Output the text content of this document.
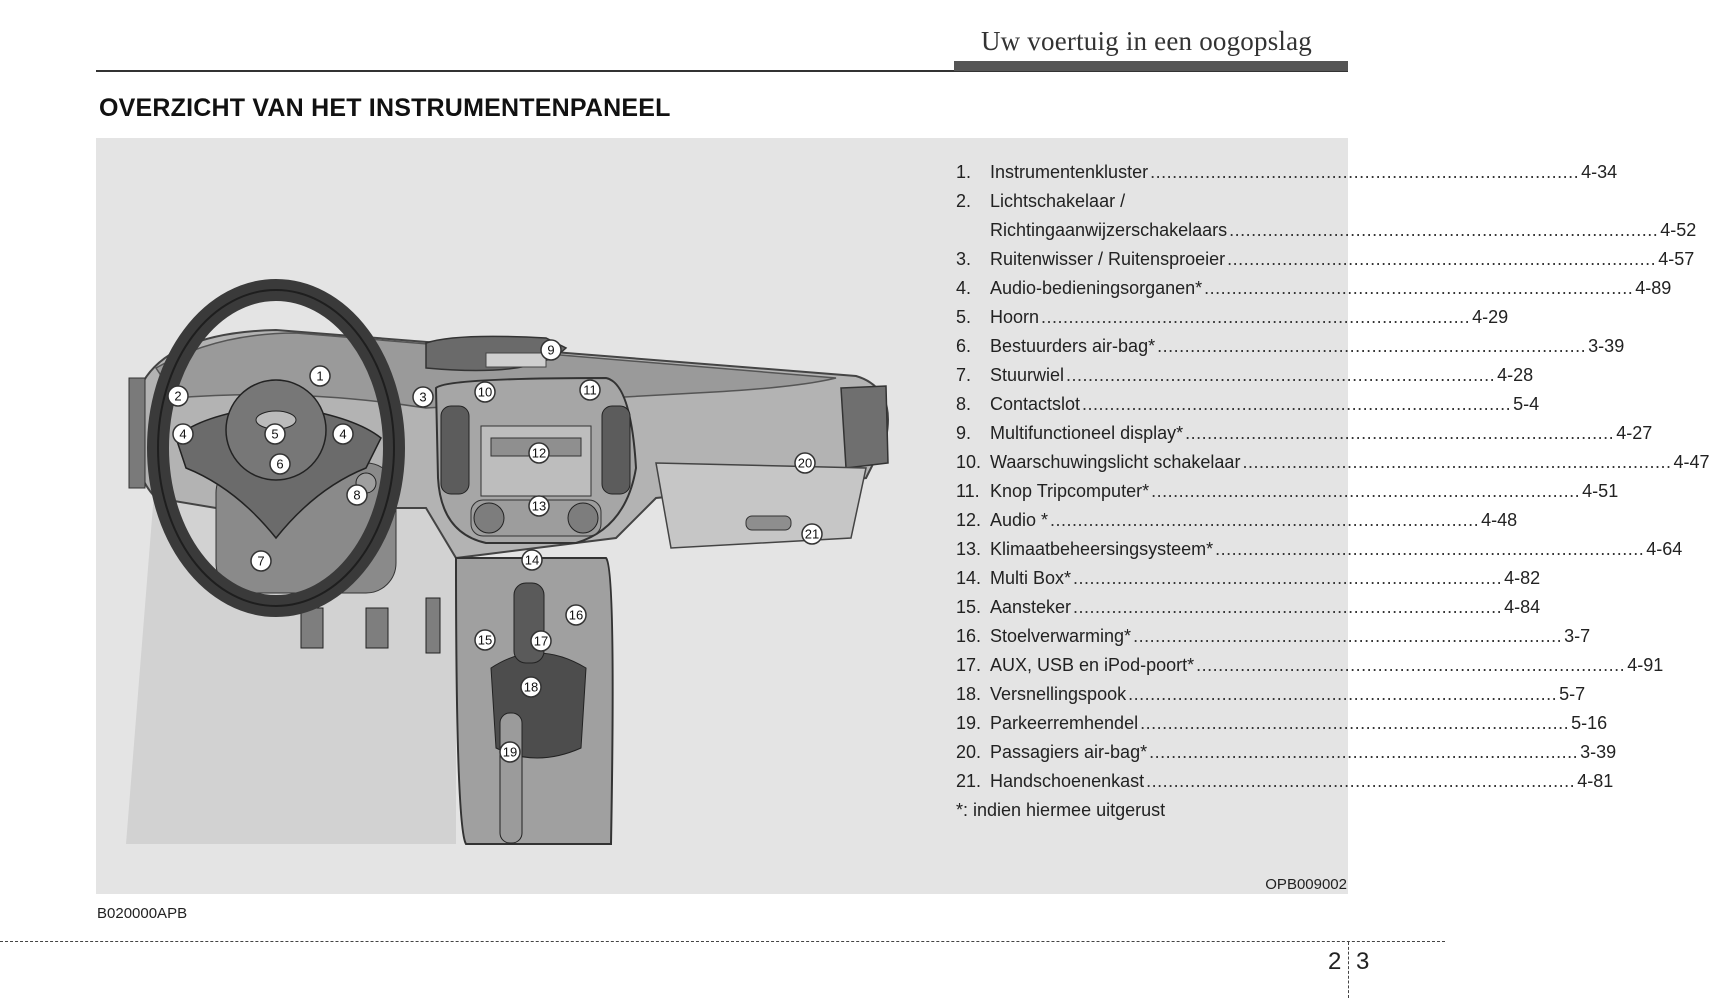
Uw voertuig in een oogopslag
OVERZICHT VAN HET INSTRUMENTENPANEEL
1
2	3
4	4
5
6
7
8
9
10	11
12
13
14
15
16
17
18
19
20
21
1.	Instrumentenkluster .............................................................................. 4-34
2.	Lichtschakelaar /
Richtingaanwijzerschakelaars .............................................................................. 4-52
3.	Ruitenwisser / Ruitensproeier .............................................................................. 4-57
4.	Audio-bedieningsorganen* .............................................................................. 4-89
5.	Hoorn .............................................................................. 4-29
6.	Bestuurders air-bag* .............................................................................. 3-39
7.	Stuurwiel .............................................................................. 4-28
8.	Contactslot .............................................................................. 5-4
9.	Multifunctioneel display* .............................................................................. 4-27
10. Waarschuwingslicht schakelaar .............................................................................. 4-47
11. Knop Tripcomputer* .............................................................................. 4-51
12. Audio * .............................................................................. 4-48
13. Klimaatbeheersingsysteem* .............................................................................. 4-64
14. Multi Box* .............................................................................. 4-82
15. Aansteker .............................................................................. 4-84
16. Stoelverwarming* .............................................................................. 3-7
17. AUX, USB en iPod-poort* .............................................................................. 4-91
18. Versnellingspook .............................................................................. 5-7
19. Parkeerremhendel .............................................................................. 5-16
20. Passagiers air-bag* .............................................................................. 3-39
21. Handschoenenkast .............................................................................. 4-81
*: indien hiermee uitgerust
OPB009002
B020000APB
2 3
